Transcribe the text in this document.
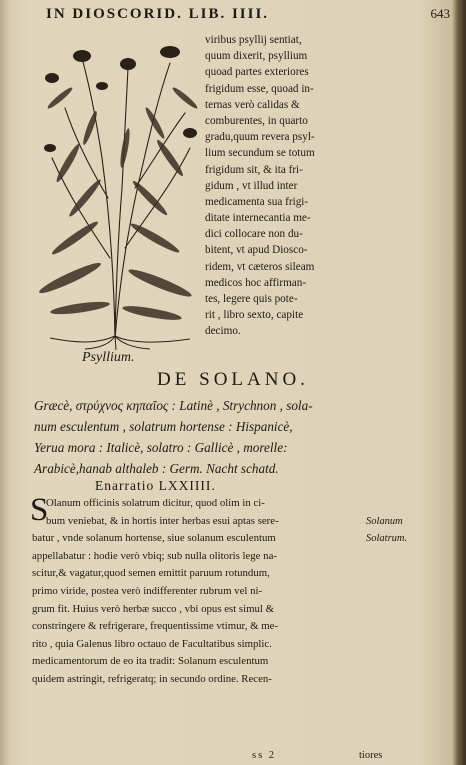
IN DIOSCORID. LIB. IIII.	643
Psyllium.
viribus psyllij sentiat,
quum dixerit, psyllium
quoad partes exteriores
frigidum esse, quoad in-
ternas verò calidas &
comburentes, in quarto
gradu,quum revera psyl-
lium secundum se totum
frigidum sit, & ita fri-
gidum , vt illud inter
medicamenta sua frigi-
ditate internecantia me-
dici collocare non du-
bitent, vt apud Diosco-
ridem, vt cæteros sileam
medicos hoc affirman-
tes, legere quis pote-
rit , libro sexto, capite
decimo.
DE SOLANO.
Græcè, στρύχνος κηπαῖος : Latinè , Strychnon , sola-
num esculentum , solatrum hortense : Hispanicè,
Yerua mora : Italicè, solatro : Gallicè , morelle:
Arabicè,hanab althaleb : Germ. Nacht schatd.
Enarratio LXXIIII.
S
Olanum officinis solatrum dicitur, quod olim in ci-
bum veniebat, & in hortis inter herbas esui aptas sere-
batur , vnde solanum hortense, siue solanum esculentum
appellabatur : hodie verò vbiq; sub nulla olitoris lege na-
scitur,& vagatur,quod semen emittit paruum rotundum,
primo viride, postea verò indifferenter rubrum vel ni-
grum fit. Huius verò herbæ succo , vbi opus est simul &
constringere & refrigerare, frequentissime vtimur, & me-
rito , quia Galenus libro octauo de Facultatibus simplic.
medicamentorum de eo ita tradit: Solanum esculentum
quidem astringit, refrigeratq; in secundo ordine. Recen-
Solanum
Solatrum.
ss 2	tiores
